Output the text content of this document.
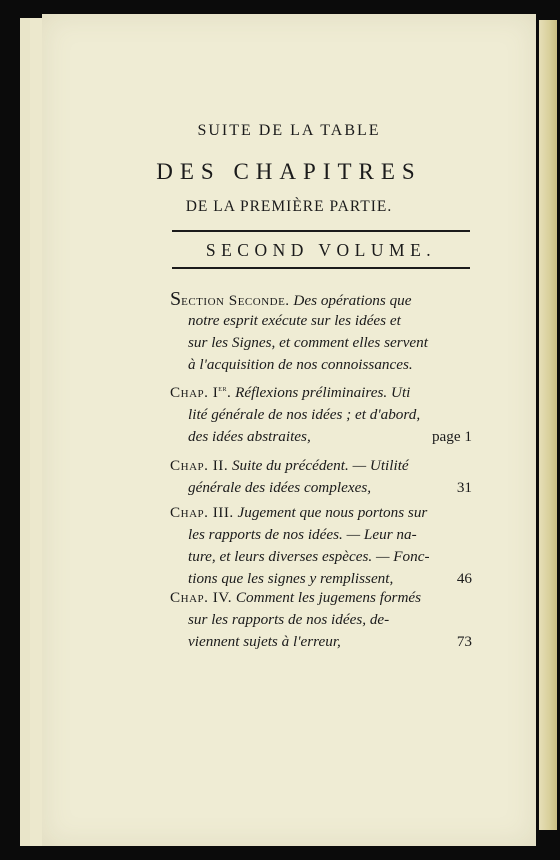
SUITE DE LA TABLE
DES CHAPITRES
DE LA PREMIÈRE PARTIE.
SECOND VOLUME.
Section Seconde. Des opérations que
notre esprit exécute sur les idées et
sur les Signes, et comment elles servent
à l'acquisition de nos connoissances.
Chap. Ier. Réflexions préliminaires. Uti
lité générale de nos idées ; et d'abord,
des idées abstraites,	page 1
Chap. II. Suite du précédent. — Utilité
générale des idées complexes,	31
Chap. III. Jugement que nous portons sur
les rapports de nos idées. — Leur na-
ture, et leurs diverses espèces. — Fonc-
tions que les signes y remplissent,	46
Chap. IV. Comment les jugemens formés
sur les rapports de nos idées, de-
viennent sujets à l'erreur,	73
